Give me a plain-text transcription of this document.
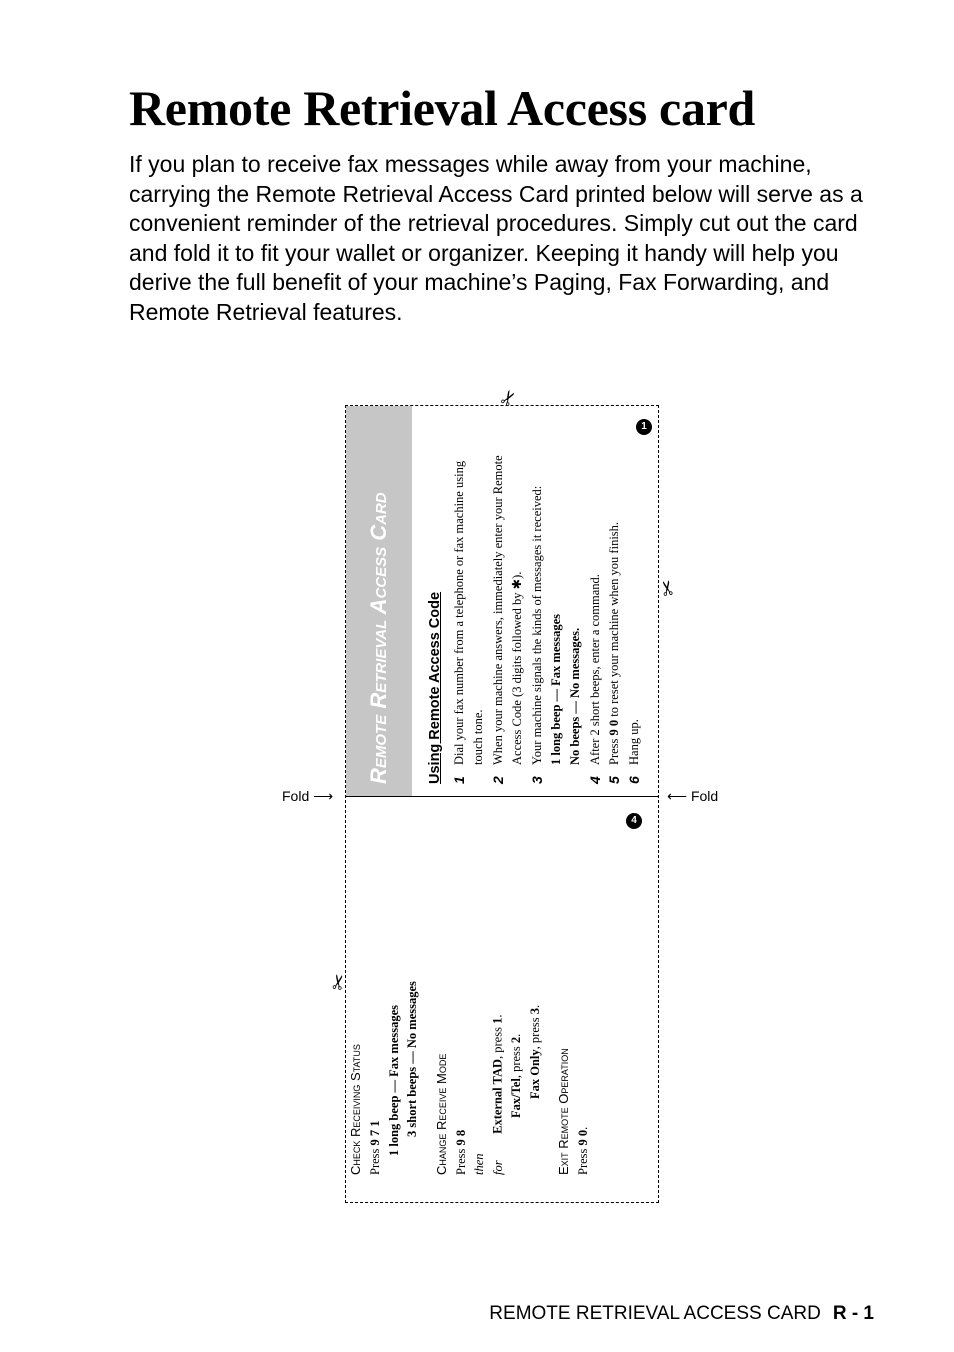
Remote Retrieval Access card

If you plan to receive fax messages while away from your machine, carrying the Remote Retrieval Access Card printed below will serve as a convenient reminder of the retrieval procedures. Simply cut out the card and fold it to fit your wallet or organizer. Keeping it handy will help you derive the full benefit of your machine’s Paging, Fax Forwarding, and Remote Retrieval features.

Fold ⟶	⟵ Fold
✂
✂
✂
Remote Retrieval Access Card Using Remote Access Code 1
Dial your fax number from a telephone or fax machine using touch tone.
2
When your machine answers, immediately enter your Remote Access Code (3 digits followed by ✱).
3
Your machine signals the kinds of messages it received: 1 long beep — Fax messages No beeps — No messages.
4
After 2 short beeps, enter a command.
5
Press 9 0 to reset your machine when you finish.
6
Hang up.
1
4
Check Receiving Status Press 9 7 1 1 long beep — Fax messages 3 short beeps — No messages Change Receive Mode Press 9 8
then for External TAD, press 1.
Fax/Tel, press 2.
Fax Only, press 3.
Exit Remote Operation Press 9 0.
REMOTE RETRIEVAL ACCESS CARD R - 1
